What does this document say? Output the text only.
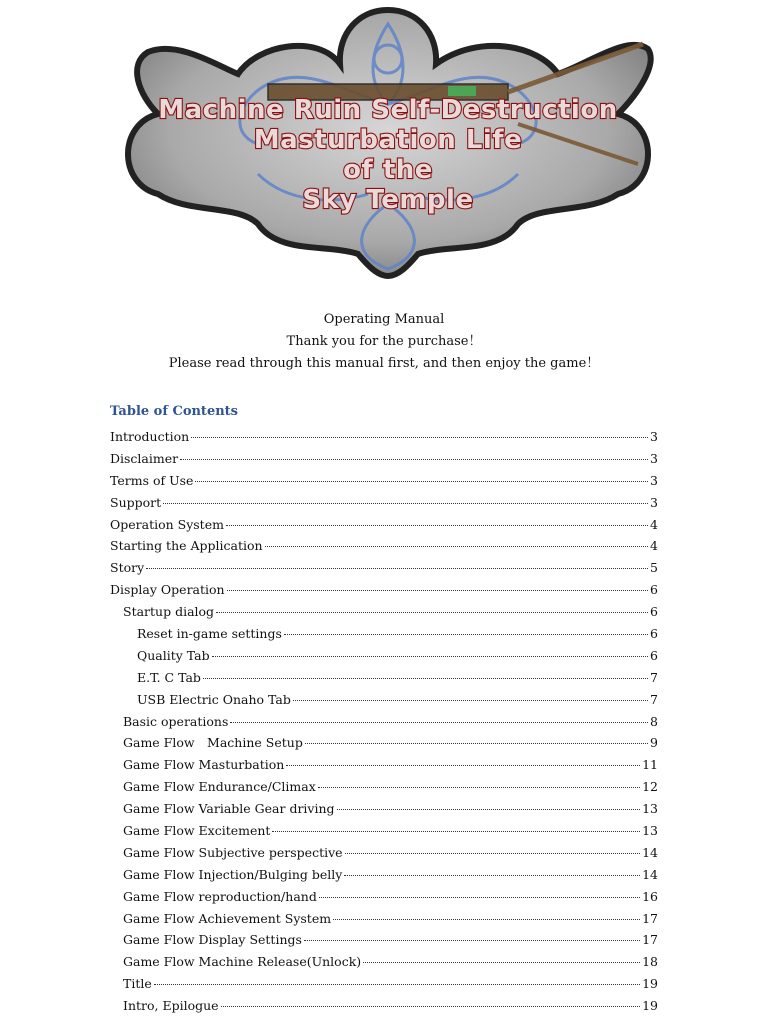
Machine Ruin Self-Destruction
Masturbation Life
of the
Sky Temple
Operating Manual
Thank you for the purchase！
Please read through this manual first, and then enjoy the game！
Table of Contents
Introduction	3
Disclaimer	3
Terms of Use	3
Support	3
Operation System	4
Starting the Application	4
Story	5
Display Operation	6
Startup dialog	6
Reset in-game settings	6
Quality Tab	6
E.T. C Tab	7
USB Electric Onaho Tab	7
Basic operations	8
Game Flow　Machine Setup	9
Game Flow Masturbation	11
Game Flow Endurance/Climax	12
Game Flow Variable Gear driving	13
Game Flow Excitement	13
Game Flow Subjective perspective	14
Game Flow Injection/Bulging belly	14
Game Flow reproduction/hand	16
Game Flow Achievement System	17
Game Flow Display Settings	17
Game Flow Machine Release(Unlock)	18
Title	19
Intro, Epilogue	19
